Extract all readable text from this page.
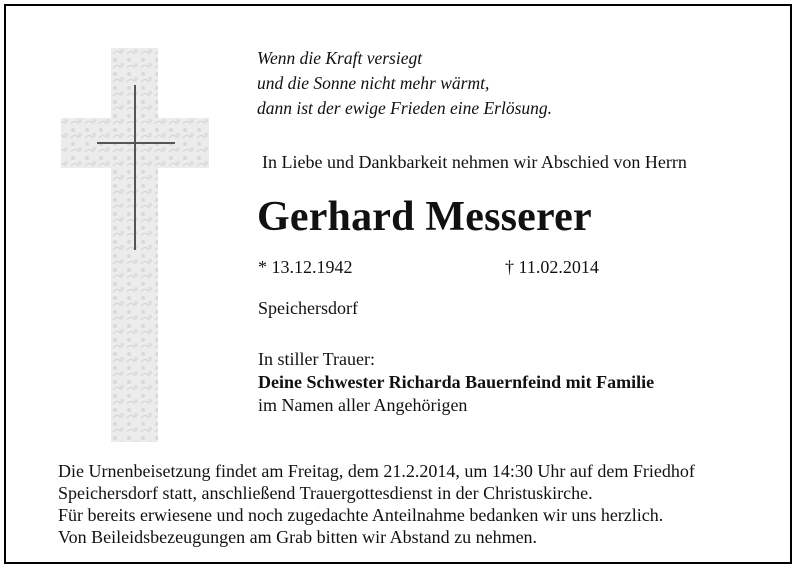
Wenn die Kraft versiegt
und die Sonne nicht mehr wärmt,
dann ist der ewige Frieden eine Erlösung.
In Liebe und Dankbarkeit nehmen wir Abschied von Herrn
Gerhard Messerer
* 13.12.1942	† 11.02.2014
Speichersdorf
In stiller Trauer:
Deine Schwester Richarda Bauernfeind mit Familie
im Namen aller Angehörigen
Die Urnenbeisetzung findet am Freitag, dem 21.2.2014, um 14:30 Uhr auf dem Friedhof
Speichersdorf statt, anschließend Trauergottesdienst in der Christuskirche.
Für bereits erwiesene und noch zugedachte Anteilnahme bedanken wir uns herzlich.
Von Beileidsbezeugungen am Grab bitten wir Abstand zu nehmen.
